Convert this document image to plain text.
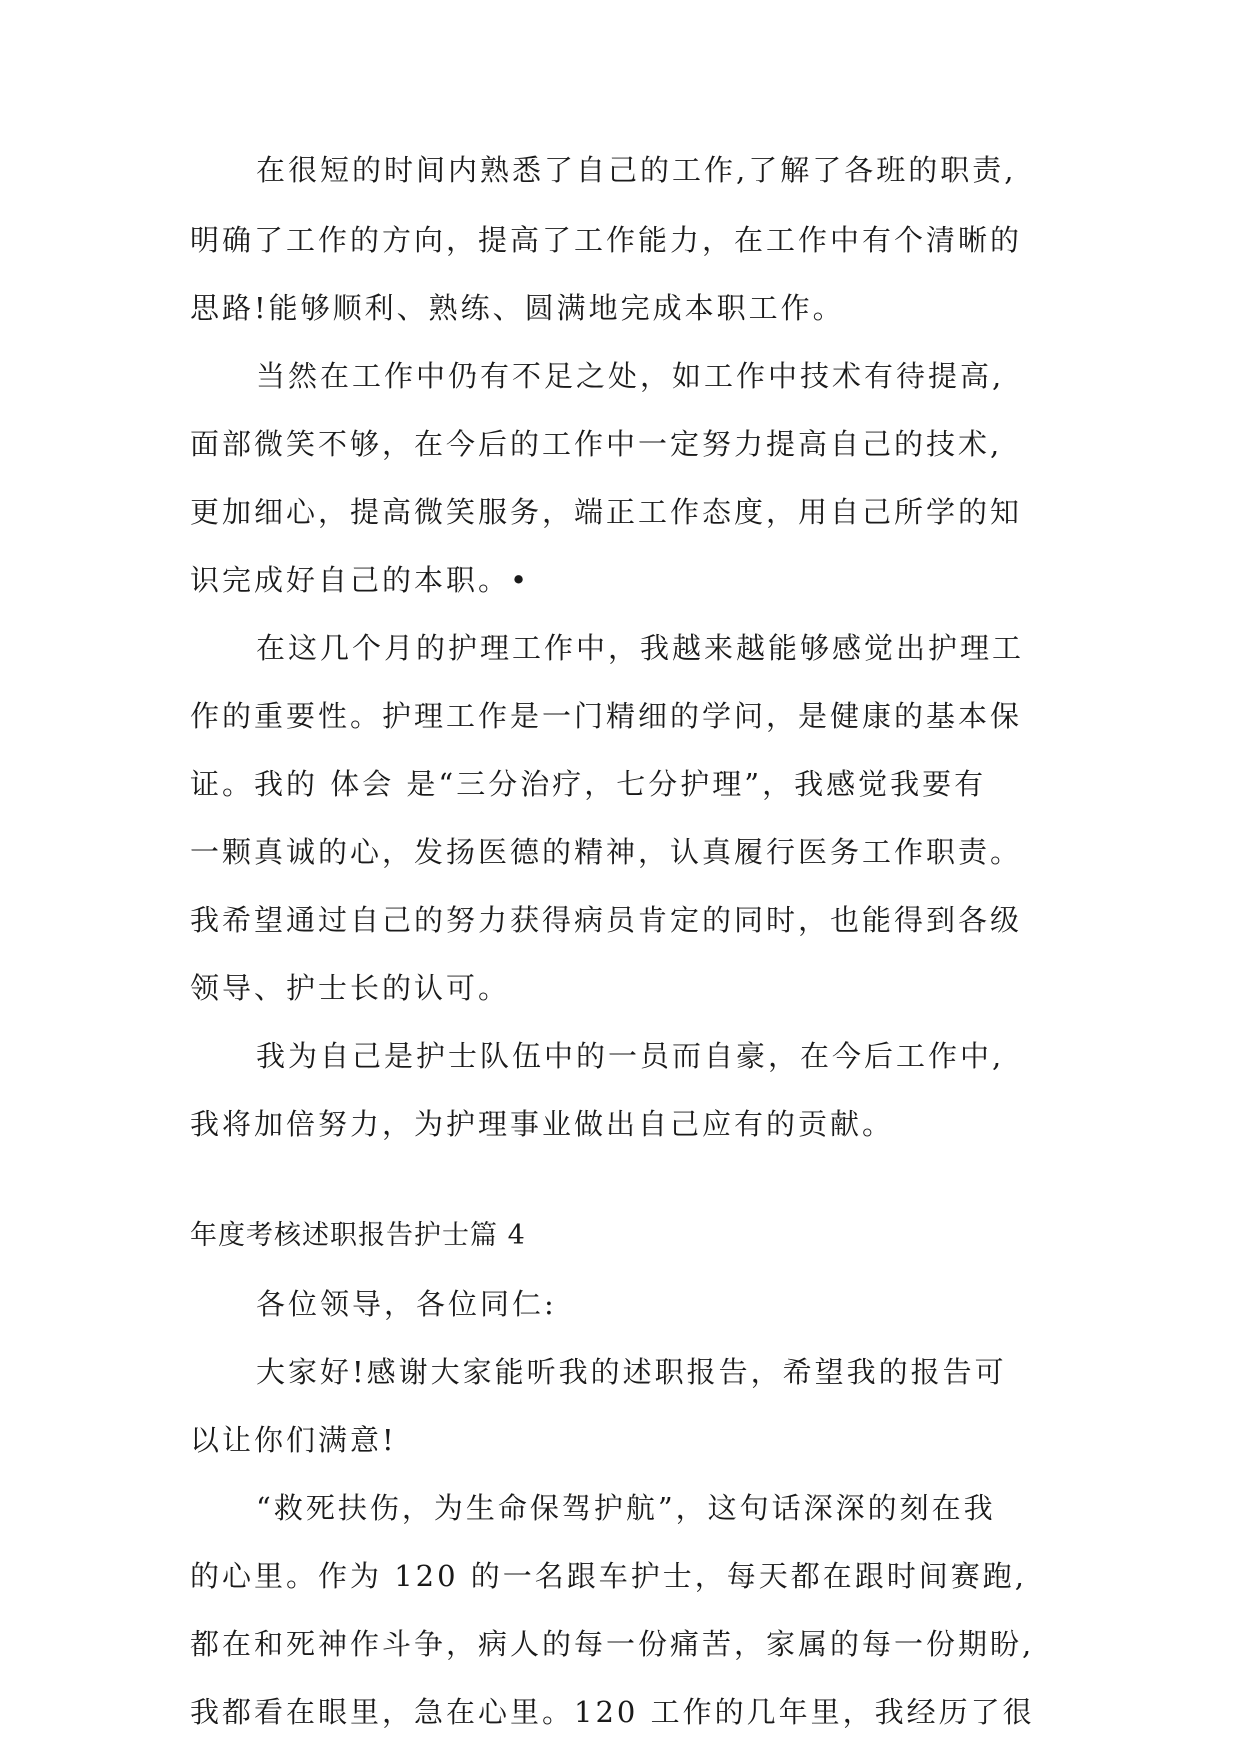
在很短的时间内熟悉了自己的工作,了解了各班的职责,
明确了工作的方向，提高了工作能力，在工作中有个清晰的
思路!能够顺利、熟练、圆满地完成本职工作。
当然在工作中仍有不足之处，如工作中技术有待提高,
面部微笑不够，在今后的工作中一定努力提高自己的技术,
更加细心，提高微笑服务，端正工作态度，用自己所学的知
识完成好自己的本职。•
在这几个月的护理工作中，我越来越能够感觉出护理工
作的重要性。护理工作是一门精细的学问，是健康的基本保
证。我的 体会 是“三分治疗，七分护理”，我感觉我要有
一颗真诚的心，发扬医德的精神，认真履行医务工作职责。
我希望通过自己的努力获得病员肯定的同时，也能得到各级
领导、护士长的认可。
我为自己是护士队伍中的一员而自豪，在今后工作中,
我将加倍努力，为护理事业做出自己应有的贡献。
年度考核述职报告护士篇 4
各位领导，各位同仁:
大家好!感谢大家能听我的述职报告，希望我的报告可
以让你们满意!
“救死扶伤，为生命保驾护航”，这句话深深的刻在我
的心里。作为 120 的一名跟车护士，每天都在跟时间赛跑,
都在和死神作斗争，病人的每一份痛苦，家属的每一份期盼,
我都看在眼里，急在心里。120 工作的几年里，我经历了很
